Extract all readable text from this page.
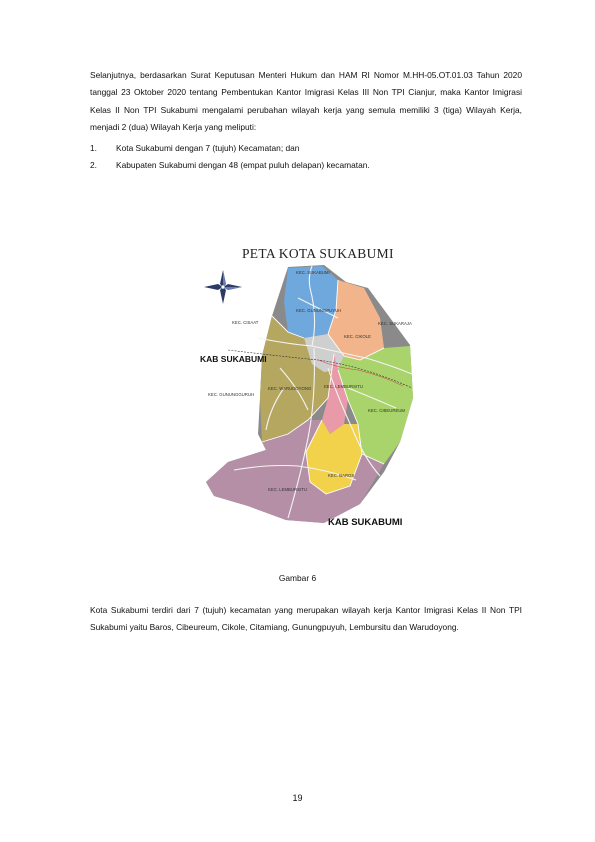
Selanjutnya, berdasarkan Surat Keputusan Menteri Hukum dan HAM RI Nomor M.HH-05.OT.01.03 Tahun 2020 tanggal 23 Oktober 2020 tentang Pembentukan Kantor Imigrasi Kelas III Non TPI Cianjur, maka Kantor Imigrasi Kelas II Non TPI Sukabumi mengalami perubahan wilayah kerja yang semula memiliki 3 (tiga) Wilayah Kerja, menjadi 2 (dua) Wilayah Kerja yang meliputi:

1.	Kota Sukabumi dengan 7 (tujuh) Kecamatan; dan
2.	Kabupaten Sukabumi dengan 48 (empat puluh delapan) kecamatan.
PETA KOTA SUKABUMI
KEC. SUKABUMI
KEC. GUNUNGPUYUH
KEC. CISAAT	KEC. SUKARAJA
KEC. CIKOLE
KEC. WARUDOYONG	KEC. LEMBURSITU
KEC. GUNUNGGURUH
KEC. CIBEUREUM
KEC. BAROS
KEC. LEMBURSITU
KAB SUKABUMI
KAB SUKABUMI

Gambar 6

Kota Sukabumi terdiri dari 7 (tujuh) kecamatan yang merupakan wilayah kerja Kantor Imigrasi Kelas II Non TPI Sukabumi yaitu Baros, Cibeureum, Cikole, Citamiang, Gunungpuyuh, Lembursitu dan Warudoyong.

19
